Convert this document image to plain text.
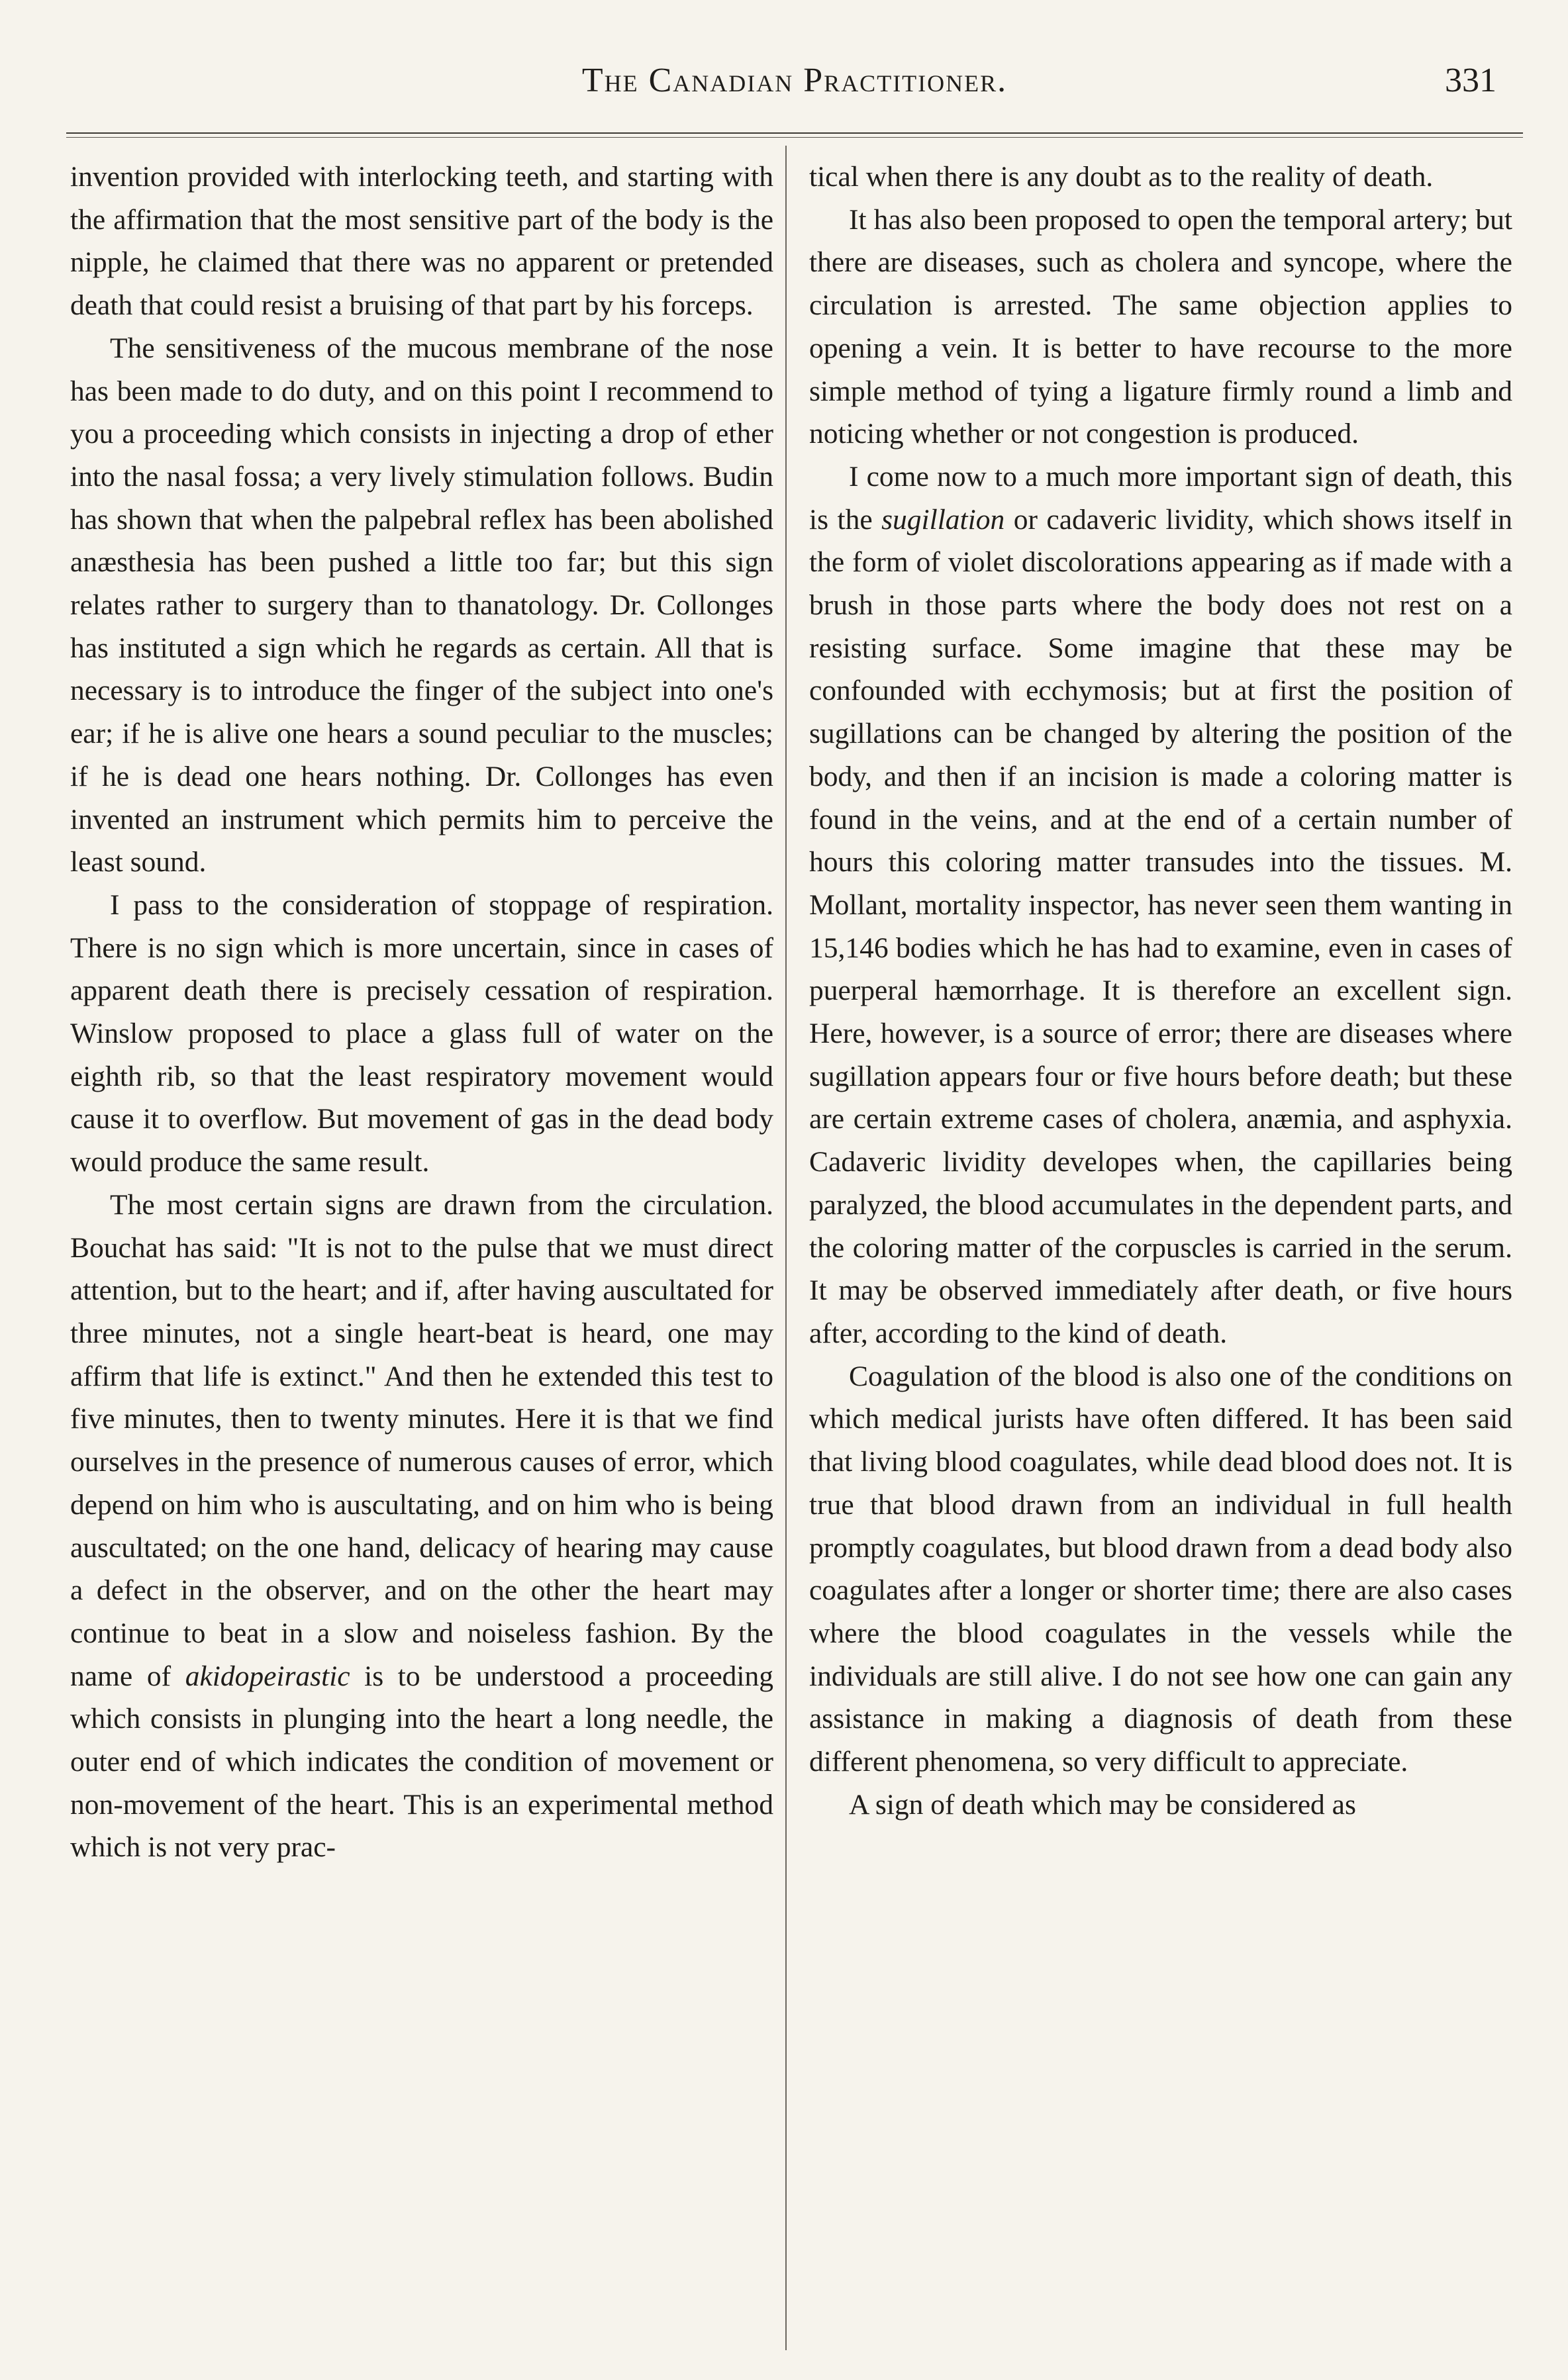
The Canadian Practitioner.	331

invention provided with interlocking teeth, and starting with the affirmation that the most sensitive part of the body is the nipple, he claimed that there was no apparent or pretended death that could resist a bruising of that part by his forceps.

The sensitiveness of the mucous membrane of the nose has been made to do duty, and on this point I recommend to you a proceeding which consists in injecting a drop of ether into the nasal fossa; a very lively stimulation follows. Budin has shown that when the palpebral reflex has been abolished anæsthesia has been pushed a little too far; but this sign relates rather to surgery than to thanatology. Dr. Collonges has instituted a sign which he regards as certain. All that is necessary is to introduce the finger of the subject into one's ear; if he is alive one hears a sound peculiar to the muscles; if he is dead one hears nothing. Dr. Collonges has even invented an instrument which permits him to perceive the least sound.

I pass to the consideration of stoppage of respiration. There is no sign which is more uncertain, since in cases of apparent death there is precisely cessation of respiration. Winslow proposed to place a glass full of water on the eighth rib, so that the least respiratory movement would cause it to overflow. But movement of gas in the dead body would produce the same result.

The most certain signs are drawn from the circulation. Bouchat has said: "It is not to the pulse that we must direct attention, but to the heart; and if, after having auscultated for three minutes, not a single heart-beat is heard, one may affirm that life is extinct." And then he extended this test to five minutes, then to twenty minutes. Here it is that we find ourselves in the presence of numerous causes of error, which depend on him who is auscultating, and on him who is being auscultated; on the one hand, delicacy of hearing may cause a defect in the observer, and on the other the heart may continue to beat in a slow and noiseless fashion. By the name of akidopeirastic is to be understood a proceeding which consists in plunging into the heart a long needle, the outer end of which indicates the condition of movement or non-movement of the heart. This is an experimental method which is not very prac-

tical when there is any doubt as to the reality of death.

It has also been proposed to open the temporal artery; but there are diseases, such as cholera and syncope, where the circulation is arrested. The same objection applies to opening a vein. It is better to have recourse to the more simple method of tying a ligature firmly round a limb and noticing whether or not congestion is produced.

I come now to a much more important sign of death, this is the sugillation or cadaveric lividity, which shows itself in the form of violet discolorations appearing as if made with a brush in those parts where the body does not rest on a resisting surface. Some imagine that these may be confounded with ecchymosis; but at first the position of sugillations can be changed by altering the position of the body, and then if an incision is made a coloring matter is found in the veins, and at the end of a certain number of hours this coloring matter transudes into the tissues. M. Mollant, mortality inspector, has never seen them wanting in 15,146 bodies which he has had to examine, even in cases of puerperal hæmorrhage. It is therefore an excellent sign. Here, however, is a source of error; there are diseases where sugillation appears four or five hours before death; but these are certain extreme cases of cholera, anæmia, and asphyxia. Cadaveric lividity developes when, the capillaries being paralyzed, the blood accumulates in the dependent parts, and the coloring matter of the corpuscles is carried in the serum. It may be observed immediately after death, or five hours after, according to the kind of death.

Coagulation of the blood is also one of the conditions on which medical jurists have often differed. It has been said that living blood coagulates, while dead blood does not. It is true that blood drawn from an individual in full health promptly coagulates, but blood drawn from a dead body also coagulates after a longer or shorter time; there are also cases where the blood coagulates in the vessels while the individuals are still alive. I do not see how one can gain any assistance in making a diagnosis of death from these different phenomena, so very difficult to appreciate.

A sign of death which may be considered as
